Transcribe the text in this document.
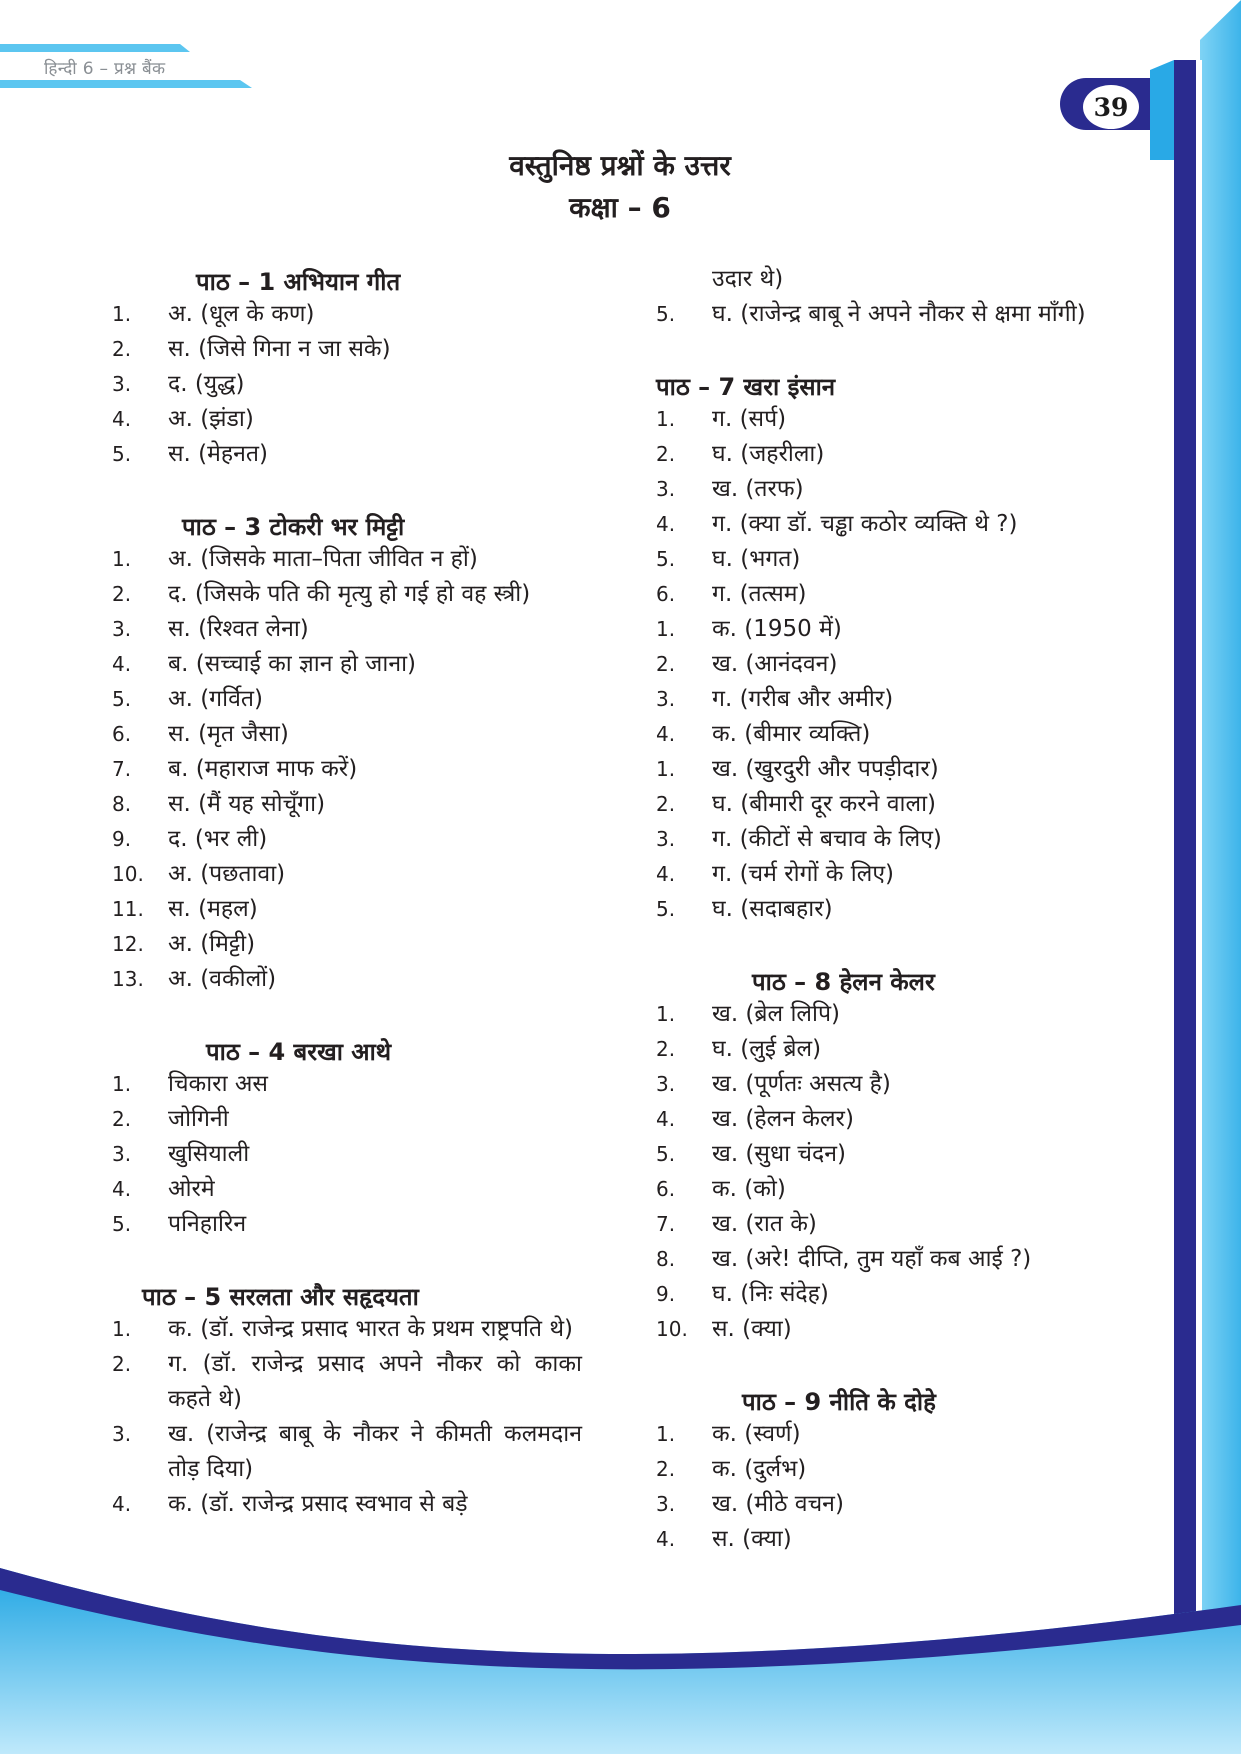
हिन्दी 6 – प्रश्न बैंक
39
वस्तुनिष्ठ प्रश्नों के उत्तर
कक्षा – 6
पाठ – 1 अभियान गीत
1.	अ. (धूल के कण)
2.	स. (जिसे गिना न जा सके)
3.	द. (युद्ध)
4.	अ. (झंडा)
5.	स. (मेहनत)
पाठ – 3 टोकरी भर मिट्टी
1.	अ. (जिसके माता–पिता जीवित न हों)
2.	द. (जिसके पति की मृत्यु हो गई हो वह स्त्री)
3.	स. (रिश्वत लेना)
4.	ब. (सच्चाई का ज्ञान हो जाना)
5.	अ. (गर्वित)
6.	स. (मृत जैसा)
7.	ब. (महाराज माफ करें)
8.	स. (मैं यह सोचूँगा)
9.	द. (भर ली)
10.	अ. (पछतावा)
11.	स. (महल)
12.	अ. (मिट्टी)
13.	अ. (वकीलों)
पाठ – 4 बरखा आथे
1.	चिकारा अस
2.	जोगिनी
3.	खुसियाली
4.	ओरमे
5.	पनिहारिन
पाठ – 5 सरलता और सहृदयता
1.	क. (डॉ. राजेन्द्र प्रसाद भारत के प्रथम राष्ट्रपति थे)
2.	ग. (डॉ. राजेन्द्र प्रसाद अपने नौकर को काका कहते थे)
3.	ख. (राजेन्द्र बाबू के नौकर ने कीमती कलमदान तोड़ दिया)
4.	क. (डॉ. राजेन्द्र प्रसाद स्वभाव से बड़े
उदार थे)
5.	घ. (राजेन्द्र बाबू ने अपने नौकर से क्षमा माँगी)
पाठ – 7 खरा इंसान
1.	ग. (सर्प)
2.	घ. (जहरीला)
3.	ख. (तरफ)
4.	ग. (क्या डॉ. चड्ढा कठोर व्यक्ति थे ?)
5.	घ. (भगत)
6.	ग. (तत्सम)
1.	क. (1950 में)
2.	ख. (आनंदवन)
3.	ग. (गरीब और अमीर)
4.	क. (बीमार व्यक्ति)
1.	ख. (खुरदुरी और पपड़ीदार)
2.	घ. (बीमारी दूर करने वाला)
3.	ग. (कीटों से बचाव के लिए)
4.	ग. (चर्म रोगों के लिए)
5.	घ. (सदाबहार)
पाठ – 8 हेलन केलर
1.	ख. (ब्रेल लिपि)
2.	घ. (लुई ब्रेल)
3.	ख. (पूर्णतः असत्य है)
4.	ख. (हेलन केलर)
5.	ख. (सुधा चंदन)
6.	क. (को)
7.	ख. (रात के)
8.	ख. (अरे! दीप्ति, तुम यहाँ कब आई ?)
9.	घ. (निः संदेह)
10.	स. (क्या)
पाठ – 9 नीति के दोहे
1.	क. (स्वर्ण)
2.	क. (दुर्लभ)
3.	ख. (मीठे वचन)
4.	स. (क्या)
